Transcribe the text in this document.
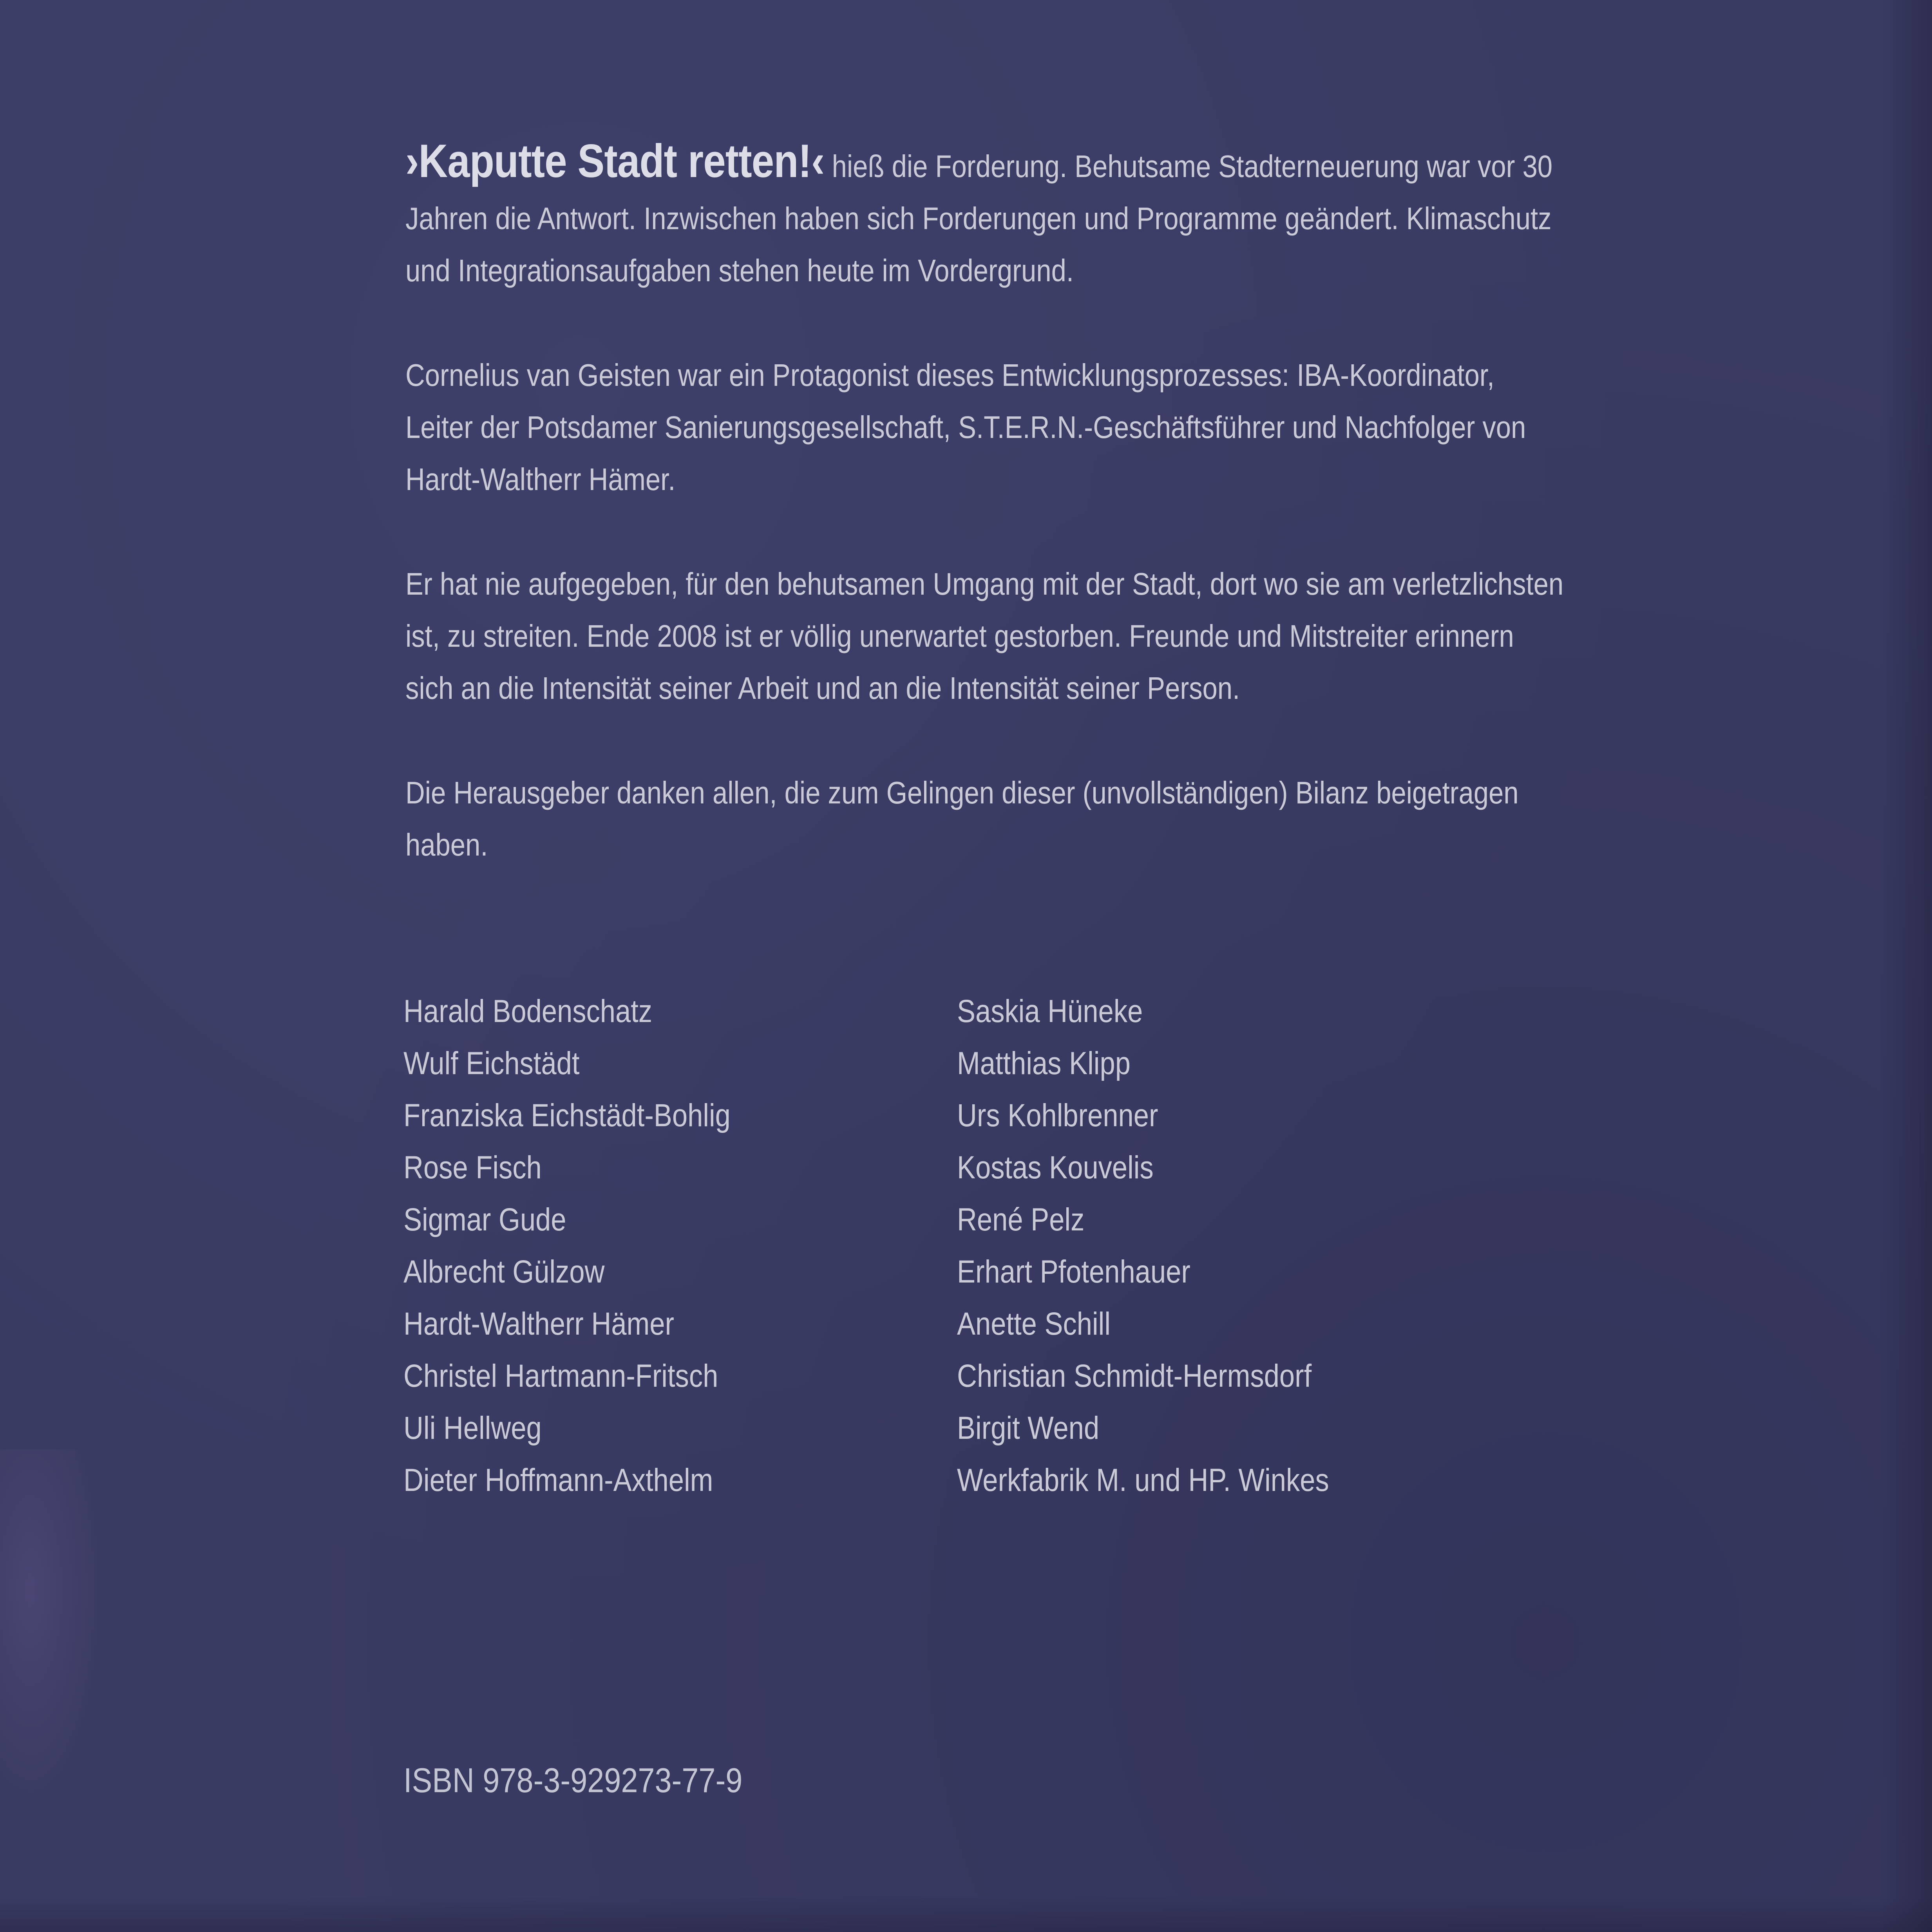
›Kaputte Stadt retten!‹ hieß die Forderung. Behutsame Stadterneuerung war vor 30 Jahren die Antwort. Inzwischen haben sich Forderungen und Programme geändert. Klimaschutz und Integrationsaufgaben stehen heute im Vordergrund.

Cornelius van Geisten war ein Protagonist dieses Entwicklungsprozesses: IBA-Koordinator, Leiter der Potsdamer Sanierungsgesellschaft, S.T.E.R.N.-Geschäftsführer und Nachfolger von Hardt-Waltherr Hämer.

Er hat nie aufgegeben, für den behutsamen Umgang mit der Stadt, dort wo sie am verletzlichsten ist, zu streiten. Ende 2008 ist er völlig unerwartet gestorben. Freunde und Mitstreiter erinnern sich an die Intensität seiner Arbeit und an die Intensität seiner Person.

Die Herausgeber danken allen, die zum Gelingen dieser (unvollständigen) Bilanz beigetragen haben.

Harald Bodenschatz
Wulf Eichstädt
Franziska Eichstädt-Bohlig
Rose Fisch
Sigmar Gude
Albrecht Gülzow
Hardt-Waltherr Hämer
Christel Hartmann-Fritsch
Uli Hellweg
Dieter Hoffmann-Axthelm
Saskia Hüneke
Matthias Klipp
Urs Kohlbrenner
Kostas Kouvelis
René Pelz
Erhart Pfotenhauer
Anette Schill
Christian Schmidt-Hermsdorf
Birgit Wend
Werkfabrik M. und HP. Winkes
ISBN 978-3-929273-77-9
